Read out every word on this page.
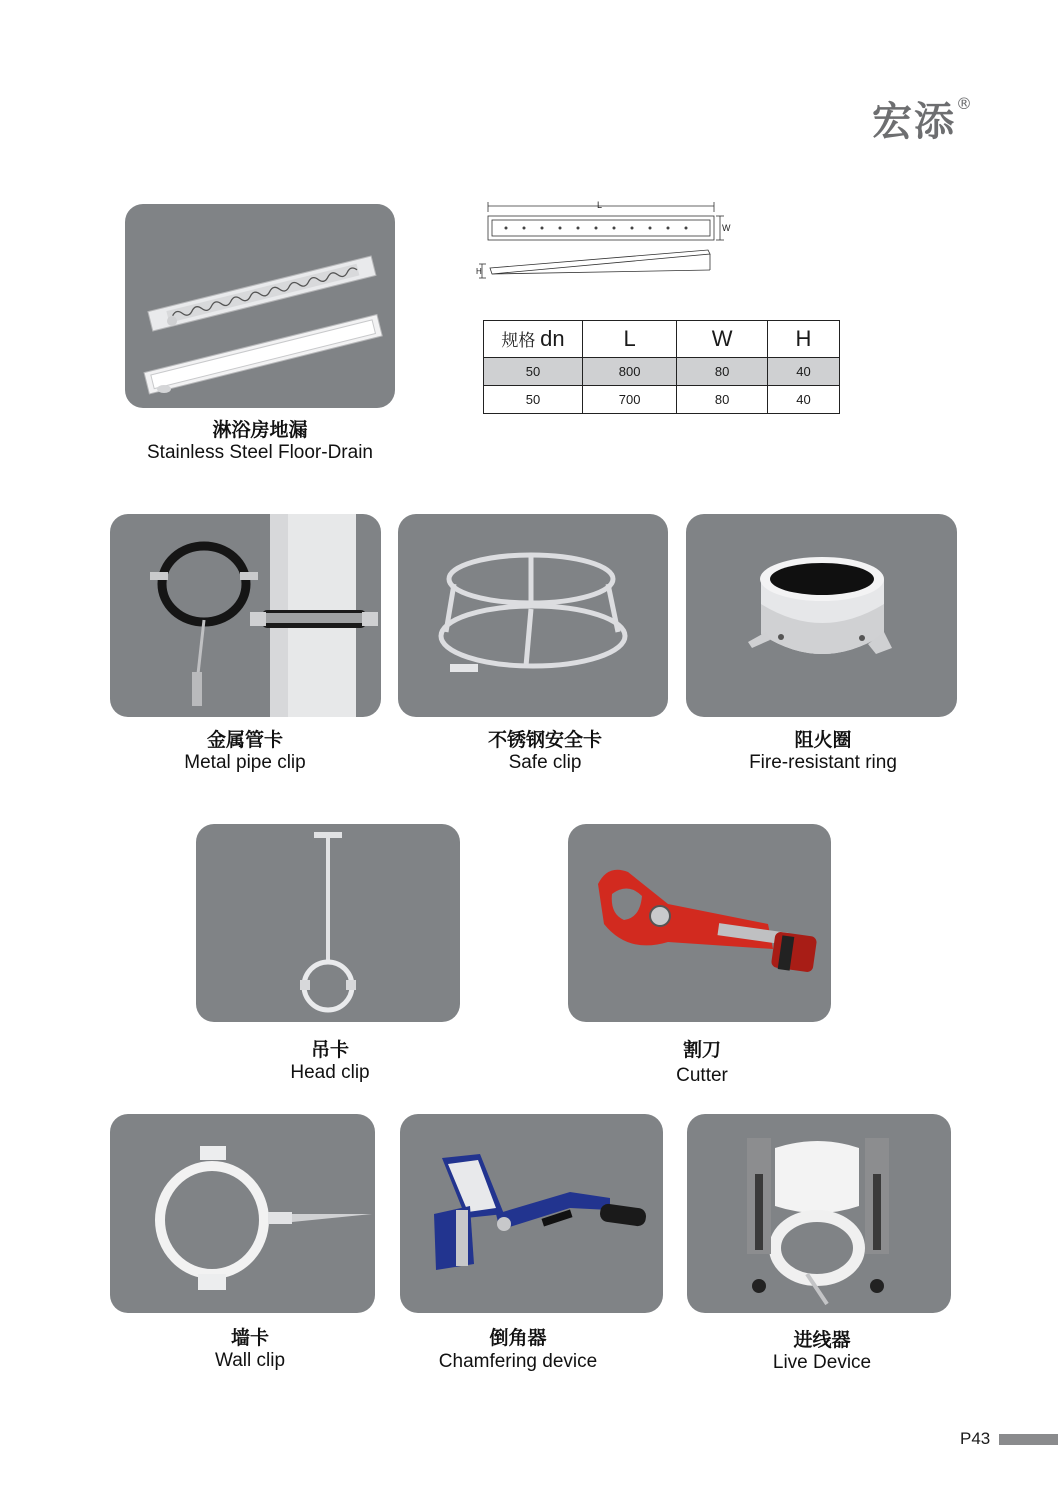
宏添®
淋浴房地漏
Stainless Steel Floor-Drain
L
W
H
规格 dn	L	W	H
50	800	80	40
50	700	80	40
金属管卡
Metal pipe clip
不锈钢安全卡
Safe clip
阻火圈
Fire-resistant ring
吊卡
Head clip
割刀
Cutter
墙卡
Wall clip
倒角器
Chamfering device
进线器
Live Device
P43
